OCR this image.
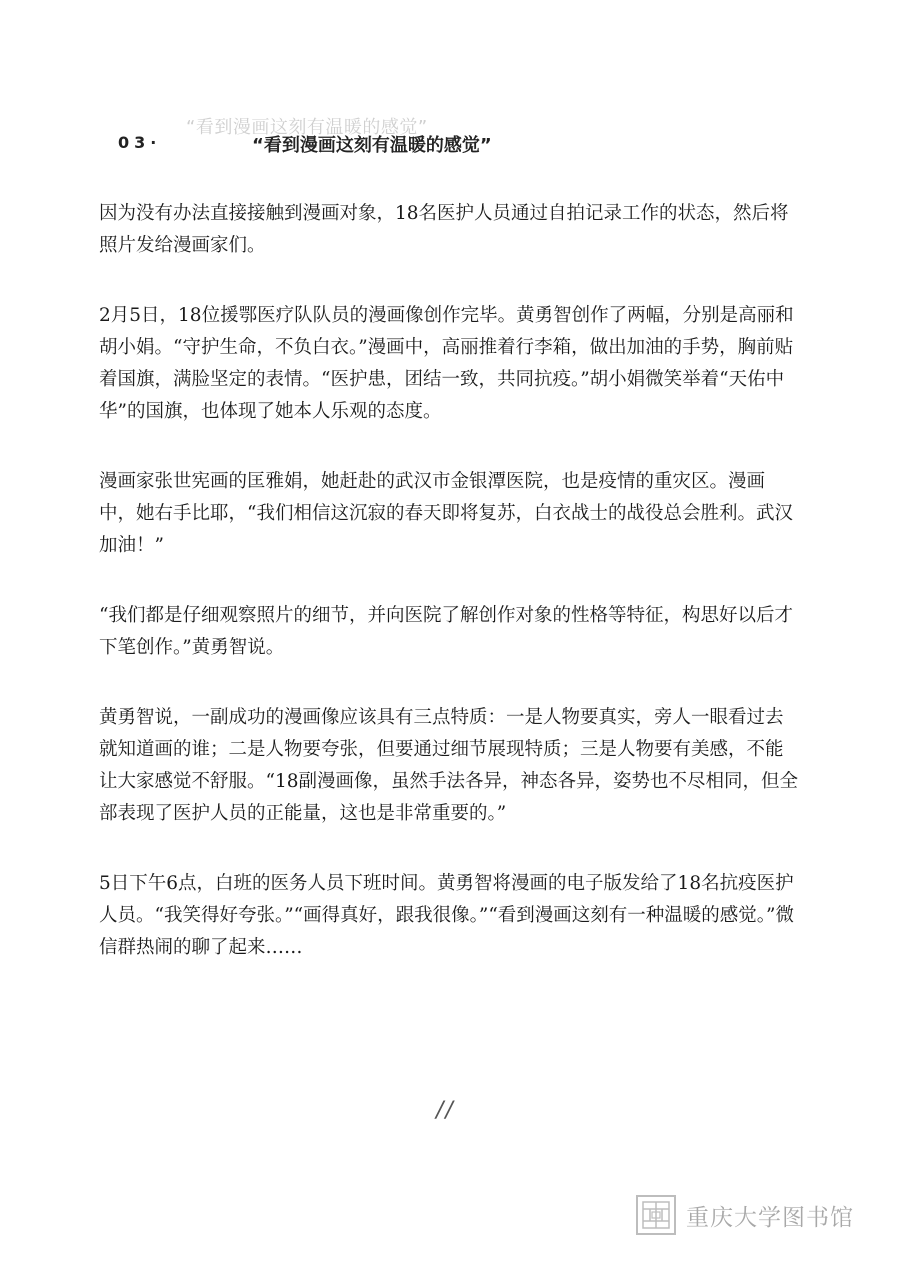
“看到漫画这刻有温暖的感觉”
03·	“看到漫画这刻有温暖的感觉”

因为没有办法直接接触到漫画对象，18名医护人员通过自拍记录工作的状态，然后将照片发给漫画家们。

2月5日，18位援鄂医疗队队员的漫画像创作完毕。黄勇智创作了两幅，分别是高丽和胡小娟。“守护生命，不负白衣。”漫画中，高丽推着行李箱，做出加油的手势，胸前贴着国旗，满脸坚定的表情。“医护患，团结一致，共同抗疫。”胡小娟微笑举着“天佑中华”的国旗，也体现了她本人乐观的态度。

漫画家张世宪画的匡雅娟，她赶赴的武汉市金银潭医院，也是疫情的重灾区。漫画中，她右手比耶，“我们相信这沉寂的春天即将复苏，白衣战士的战役总会胜利。武汉加油！”

“我们都是仔细观察照片的细节，并向医院了解创作对象的性格等特征，构思好以后才下笔创作。”黄勇智说。

黄勇智说，一副成功的漫画像应该具有三点特质：一是人物要真实，旁人一眼看过去就知道画的谁；二是人物要夸张，但要通过细节展现特质；三是人物要有美感，不能让大家感觉不舒服。“18副漫画像，虽然手法各异，神态各异，姿势也不尽相同，但全部表现了医护人员的正能量，这也是非常重要的。”

5日下午6点，白班的医务人员下班时间。黄勇智将漫画的电子版发给了18名抗疫医护人员。“我笑得好夸张。”“画得真好，跟我很像。”“看到漫画这刻有一种温暖的感觉。”微信群热闹的聊了起来……

//
重庆大学图书馆
